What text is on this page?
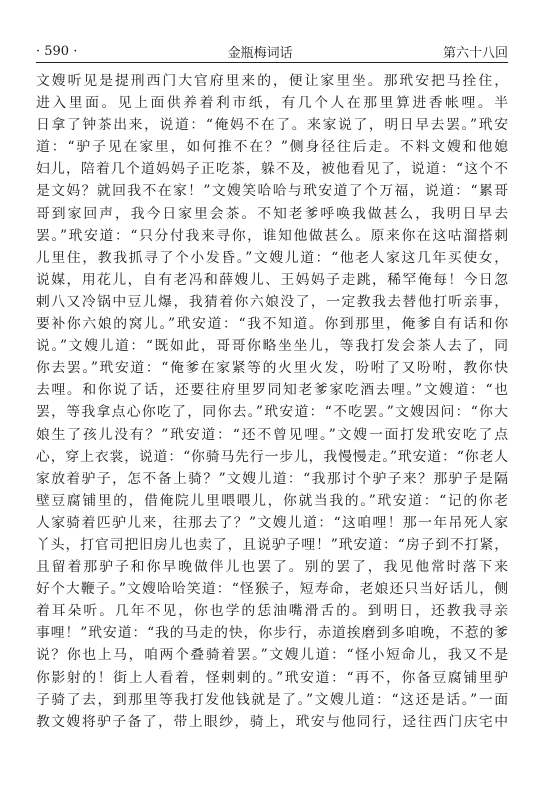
· 590 ·	金瓶梅词话	第六十八回
文嫂听见是提刑西门大官府里来的，便让家里坐。那玳安把马拴住，
进入里面。见上面供养着利市纸，有几个人在那里算进香帐哩。半
日拿了钟茶出来，说道：“俺妈不在了。来家说了，明日早去罢。”玳安
道：“驴子见在家里，如何推不在？”侧身径往后走。不料文嫂和他媳
妇儿，陪着几个道妈妈子正吃茶，躲不及，被他看见了，说道：“这个不
是文妈？就回我不在家！”文嫂笑哈哈与玳安道了个万福，说道：“累哥
哥到家回声，我今日家里会茶。不知老爹呼唤我做甚么，我明日早去
罢。”玳安道：“只分付我来寻你，谁知他做甚么。原来你在这咕溜搭刺
儿里住，教我抓寻了个小发昏。”文嫂儿道：“他老人家这几年买使女，
说媒，用花儿，自有老冯和薛嫂儿、王妈妈子走跳，稀罕俺每！今日忽
剌八又冷锅中豆儿爆，我猜着你六娘没了，一定教我去替他打听亲事，
要补你六娘的窝儿。”玳安道：“我不知道。你到那里，俺爹自有话和你
说。”文嫂儿道：“既如此，哥哥你略坐坐儿，等我打发会茶人去了，同
你去罢。”玳安道：“俺爹在家紧等的火里火发，吩咐了又吩咐，教你快
去哩。和你说了话，还要往府里罗同知老爹家吃酒去哩。”文嫂道：“也
罢，等我拿点心你吃了，同你去。”玳安道：“不吃罢。”文嫂因问：“你大
娘生了孩儿没有？”玳安道：“还不曾见哩。”文嫂一面打发玳安吃了点
心，穿上衣裳，说道：“你骑马先行一步儿，我慢慢走。”玳安道：“你老人
家放着驴子，怎不备上骑？”文嫂儿道：“我那讨个驴子来？那驴子是隔
壁豆腐铺里的，借俺院儿里喂喂儿，你就当我的。”玳安道：“记的你老
人家骑着匹驴儿来，往那去了？”文嫂儿道：“这咱哩！那一年吊死人家
丫头，打官司把旧房儿也卖了，且说驴子哩！”玳安道：“房子到不打紧，
且留着那驴子和你早晚做伴儿也罢了。别的罢了，我见他常时落下来
好个大鞭子。”文嫂哈哈笑道：“怪猴子，短寿命，老娘还只当好话儿，侧
着耳朵听。几年不见，你也学的恁油嘴滑舌的。到明日，还教我寻亲
事哩！”玳安道：“我的马走的快，你步行，赤道挨磨到多咱晚，不惹的爹
说？你也上马，咱两个叠骑着罢。”文嫂儿道：“怪小短命儿，我又不是
你影射的！街上人看着，怪剌剌的。”玳安道：“再不，你备豆腐铺里驴
子骑了去，到那里等我打发他钱就是了。”文嫂儿道：“这还是话。”一面
教文嫂将驴子备了，带上眼纱，骑上，玳安与他同行，迳往西门庆宅中
